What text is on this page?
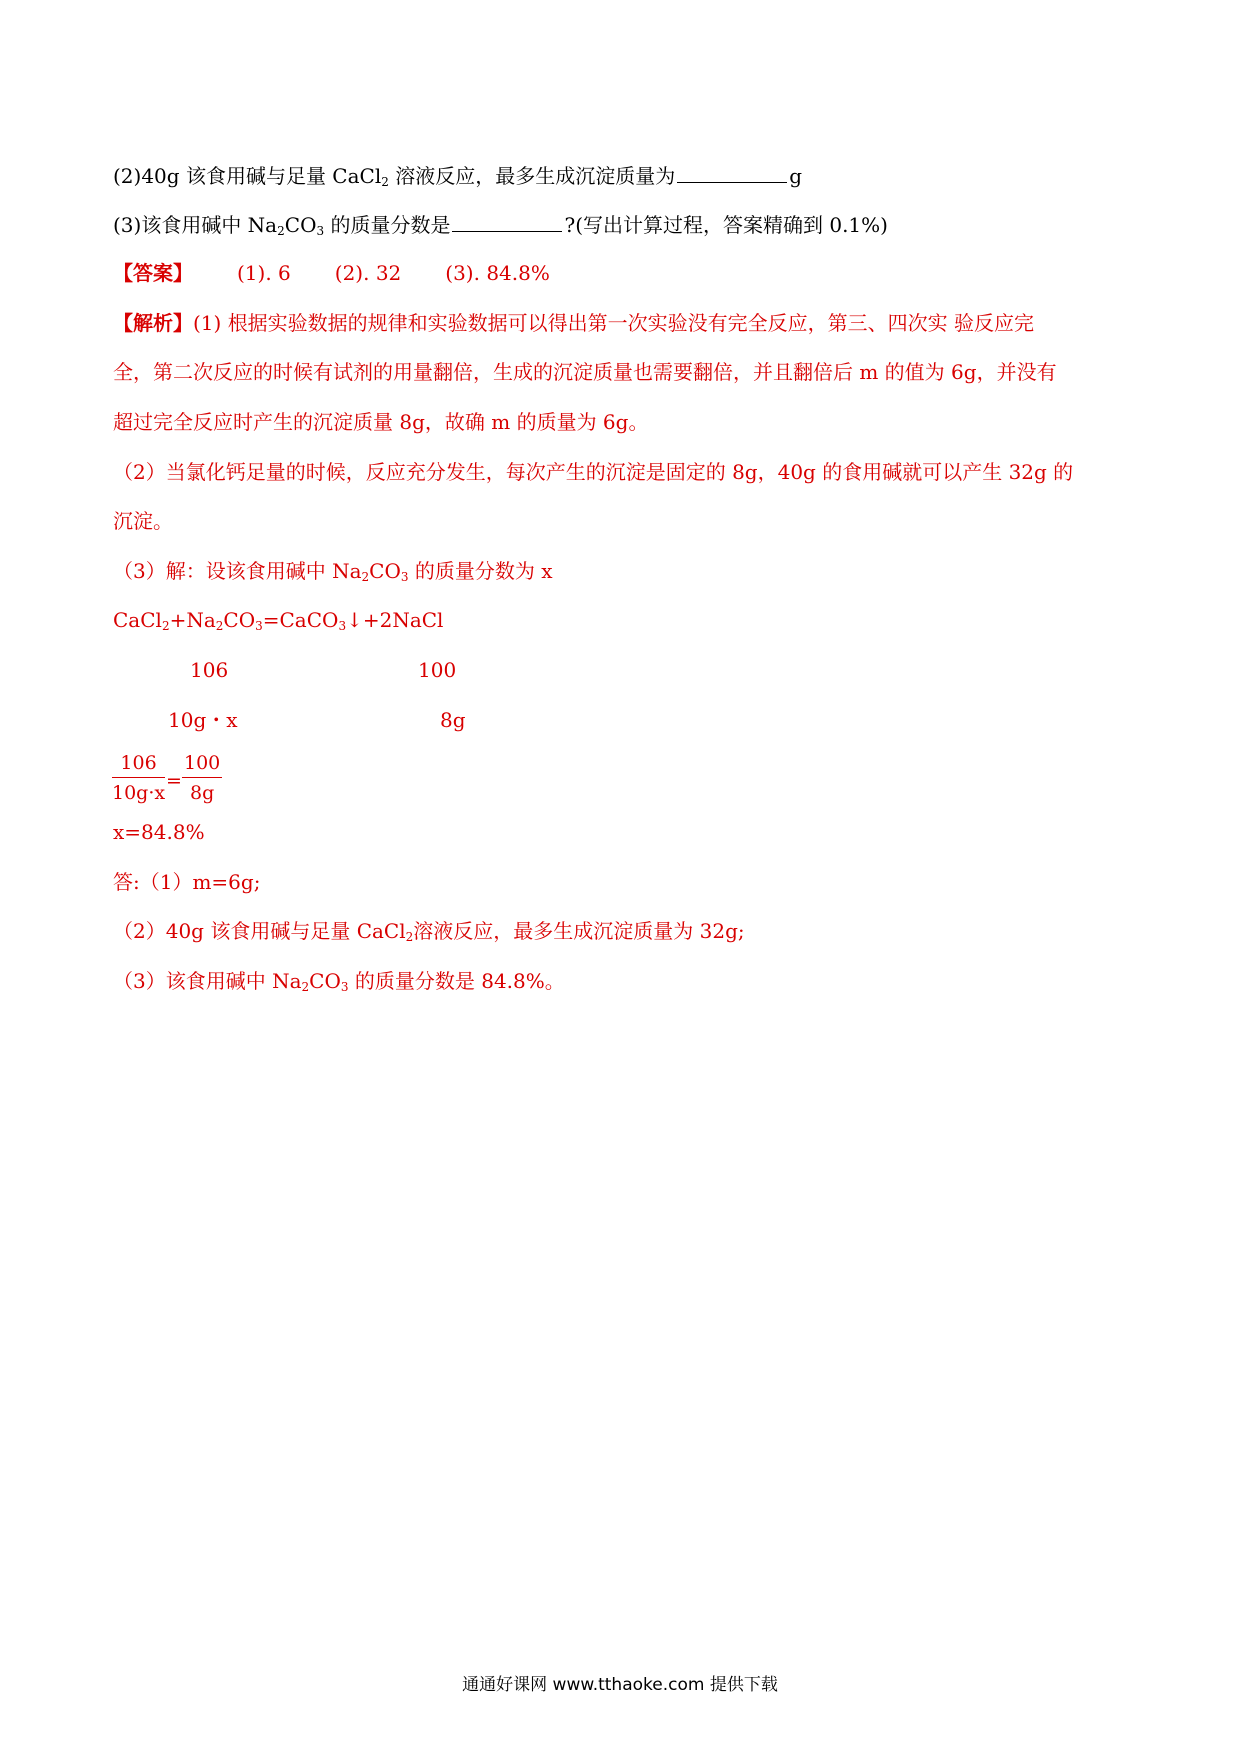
(2)40g 该食用碱与足量 CaCl$_2$ 溶液反应，最多生成沉淀质量为	g
(3)该食用碱中 $Na_2CO_3$ 的质量分数是	?(写出计算过程，答案精确到 0.1%)
【答案】 (1). 6 (2). 32 (3). 84.8%
【解析】(1) 根据实验数据的规律和实验数据可以得出第一次实验没有完全反应，第三、四次实 验反应完
全，第二次反应的时候有试剂的用量翻倍，生成的沉淀质量也需要翻倍，并且翻倍后 m 的值为 6g，并没有
超过完全反应时产生的沉淀质量 8g，故确 m 的质量为 6g。
（2）当氯化钙足量的时候，反应充分发生，每次产生的沉淀是固定的 8g，40g 的食用碱就可以产生 32g 的
沉淀。
（3）解：设该食用碱中 $Na_2CO_3$ 的质量分数为 x
$CaCl_2+Na_2CO_3=CaCO_3↓+2NaCl$
106	100
10g・x	8g
$\frac{106}{10g\cdot x} = \frac{100}{8g}$
x=84.8%
答:（1）m=6g;
（2）40g 该食用碱与足量 CaCl$_2$溶液反应，最多生成沉淀质量为 32g;
（3）该食用碱中 $Na_2CO_3$ 的质量分数是 84.8%。
通通好课网 www.tthaoke.com 提供下载
